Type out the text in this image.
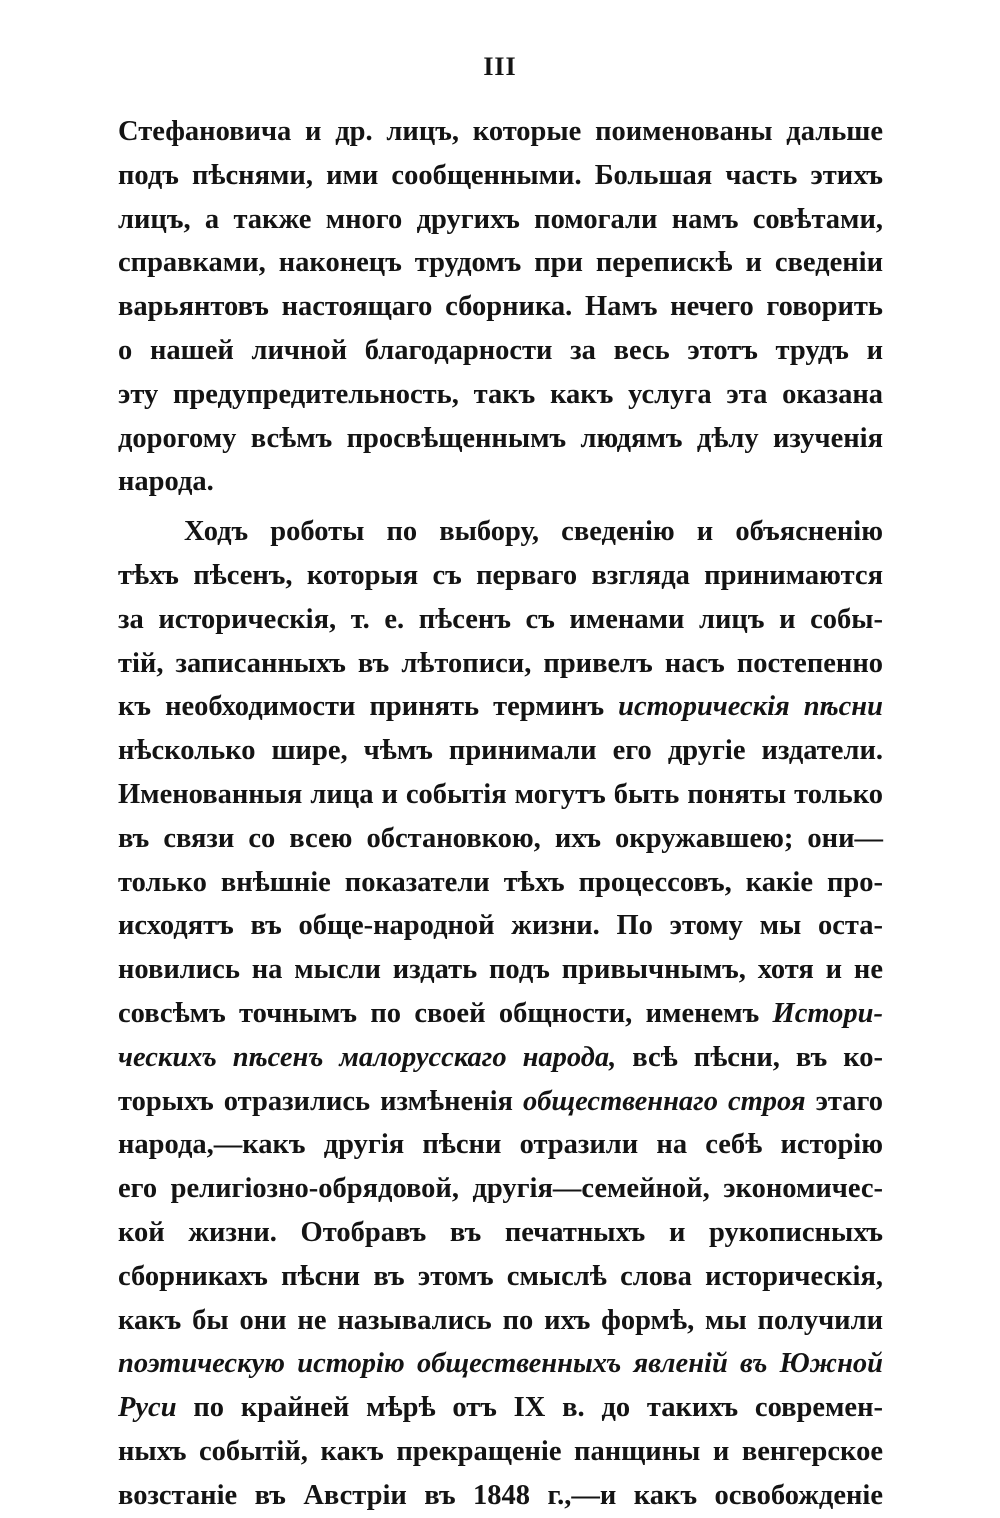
III
Стефановича и др. лицъ, которые поименованы дальше
подъ пѣснями, ими сообщенными. Большая часть этихъ
лицъ, а также много другихъ помогали намъ совѣтами,
справками, наконецъ трудомъ при перепискѣ и сведеніи
варьянтовъ настоящаго сборника. Намъ нечего говорить
о нашей личной благодарности за весь этотъ трудъ и
эту предупредительность, такъ какъ услуга эта оказана
дорогому всѣмъ просвѣщеннымъ людямъ дѣлу изученія
народа.
Ходъ роботы по выбору, сведенію и объясненію
тѣхъ пѣсенъ, которыя съ перваго взгляда принимаются
за историческія, т. е. пѣсенъ съ именами лицъ и собы-
тій, записанныхъ въ лѣтописи, привелъ насъ постепенно
къ необходимости принять терминъ историческія пѣсни
нѣсколько шире, чѣмъ принимали его другіе издатели.
Именованныя лица и событія могутъ быть поняты только
въ связи со всею обстановкою, ихъ окружавшею; они—
только внѣшніе показатели тѣхъ процессовъ, какіе про-
исходятъ въ обще-народной жизни. По этому мы оста-
новились на мысли издать подъ привычнымъ, хотя и не
совсѣмъ точнымъ по своей общности, именемъ Истори-
ческихъ пѣсенъ малорусскаго народа, всѣ пѣсни, въ ко-
торыхъ отразились измѣненія общественнаго строя этаго
народа,—какъ другія пѣсни отразили на себѣ исторію
его религіозно-обрядовой, другія—семейной, экономичес-
кой жизни. Отобравъ въ печатныхъ и рукописныхъ
сборникахъ пѣсни въ этомъ смыслѣ слова историческія,
какъ бы они не назывались по ихъ формѣ, мы получили
поэтическую исторію общественныхъ явленій въ Южной
Руси по крайней мѣрѣ отъ IX в. до такихъ современ-
ныхъ событій, какъ прекращеніе панщины и венгерское
возстаніе въ Австріи въ 1848 г.,—и какъ освобожденіе
